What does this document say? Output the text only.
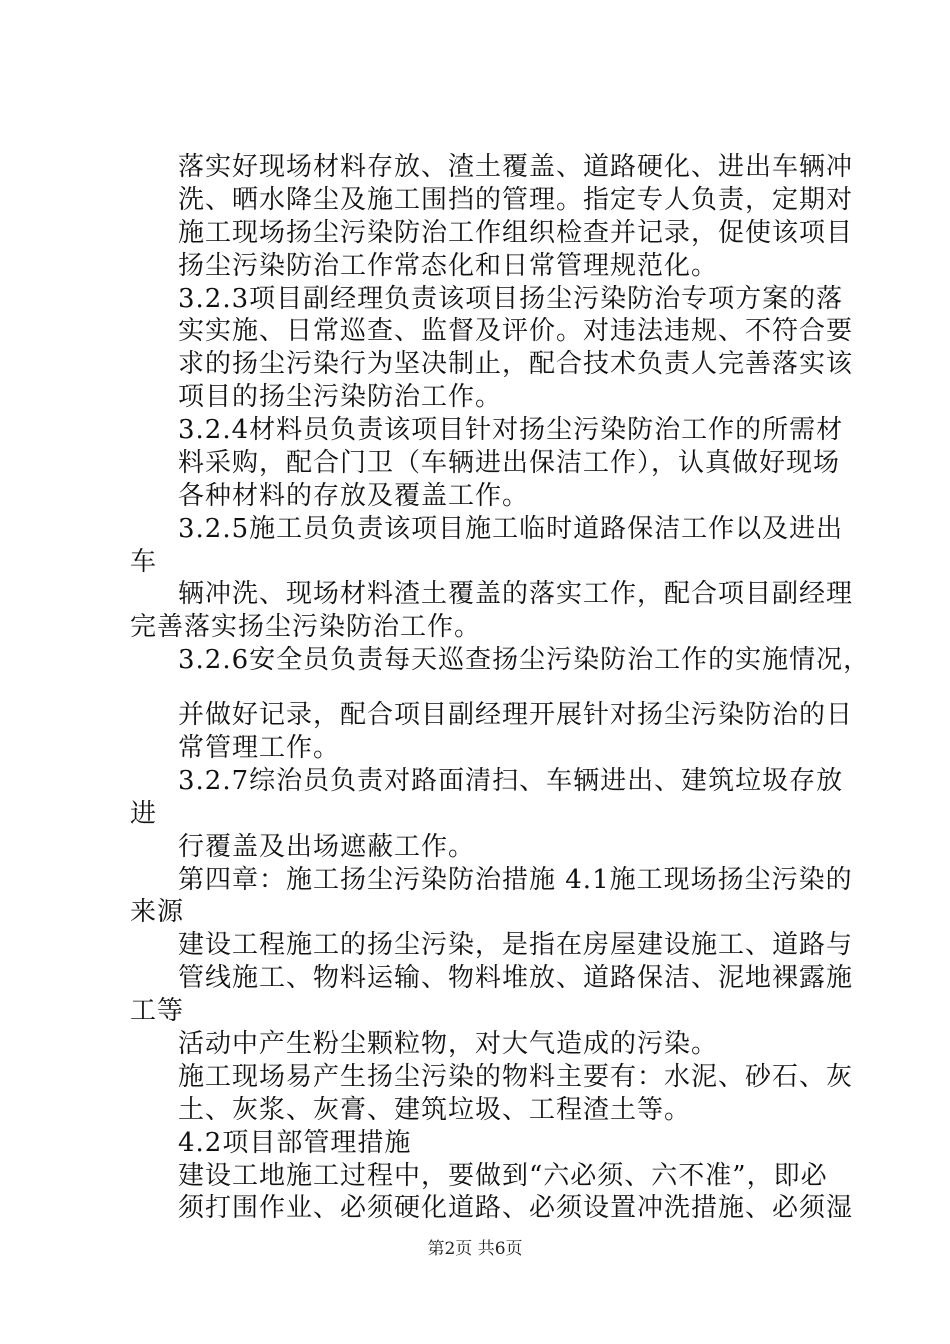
落实好现场材料存放、渣土覆盖、道路硬化、进出车辆冲
洗、晒水降尘及施工围挡的管理。指定专人负责，定期对
施工现场扬尘污染防治工作组织检查并记录，促使该项目
扬尘污染防治工作常态化和日常管理规范化。
3.2.3项目副经理负责该项目扬尘污染防治专项方案的落
实实施、日常巡查、监督及评价。对违法违规、不符合要
求的扬尘污染行为坚决制止，配合技术负责人完善落实该
项目的扬尘污染防治工作。
3.2.4材料员负责该项目针对扬尘污染防治工作的所需材
料采购，配合门卫（车辆进出保洁工作），认真做好现场
各种材料的存放及覆盖工作。
3.2.5施工员负责该项目施工临时道路保洁工作以及进出
车
辆冲洗、现场材料渣土覆盖的落实工作，配合项目副经理
完善落实扬尘污染防治工作。
3.2.6安全员负责每天巡查扬尘污染防治工作的实施情况，
并做好记录，配合项目副经理开展针对扬尘污染防治的日
常管理工作。
3.2.7综治员负责对路面清扫、车辆进出、建筑垃圾存放
进
行覆盖及出场遮蔽工作。
第四章：施工扬尘污染防治措施 4.1施工现场扬尘污染的
来源
建设工程施工的扬尘污染，是指在房屋建设施工、道路与
管线施工、物料运输、物料堆放、道路保洁、泥地裸露施
工等
活动中产生粉尘颗粒物，对大气造成的污染。
施工现场易产生扬尘污染的物料主要有：水泥、砂石、灰
土、灰浆、灰膏、建筑垃圾、工程渣土等。
4.2项目部管理措施
建设工地施工过程中，要做到“六必须、六不准”，即必
须打围作业、必须硬化道路、必须设置冲洗措施、必须湿
第2页 共6页
